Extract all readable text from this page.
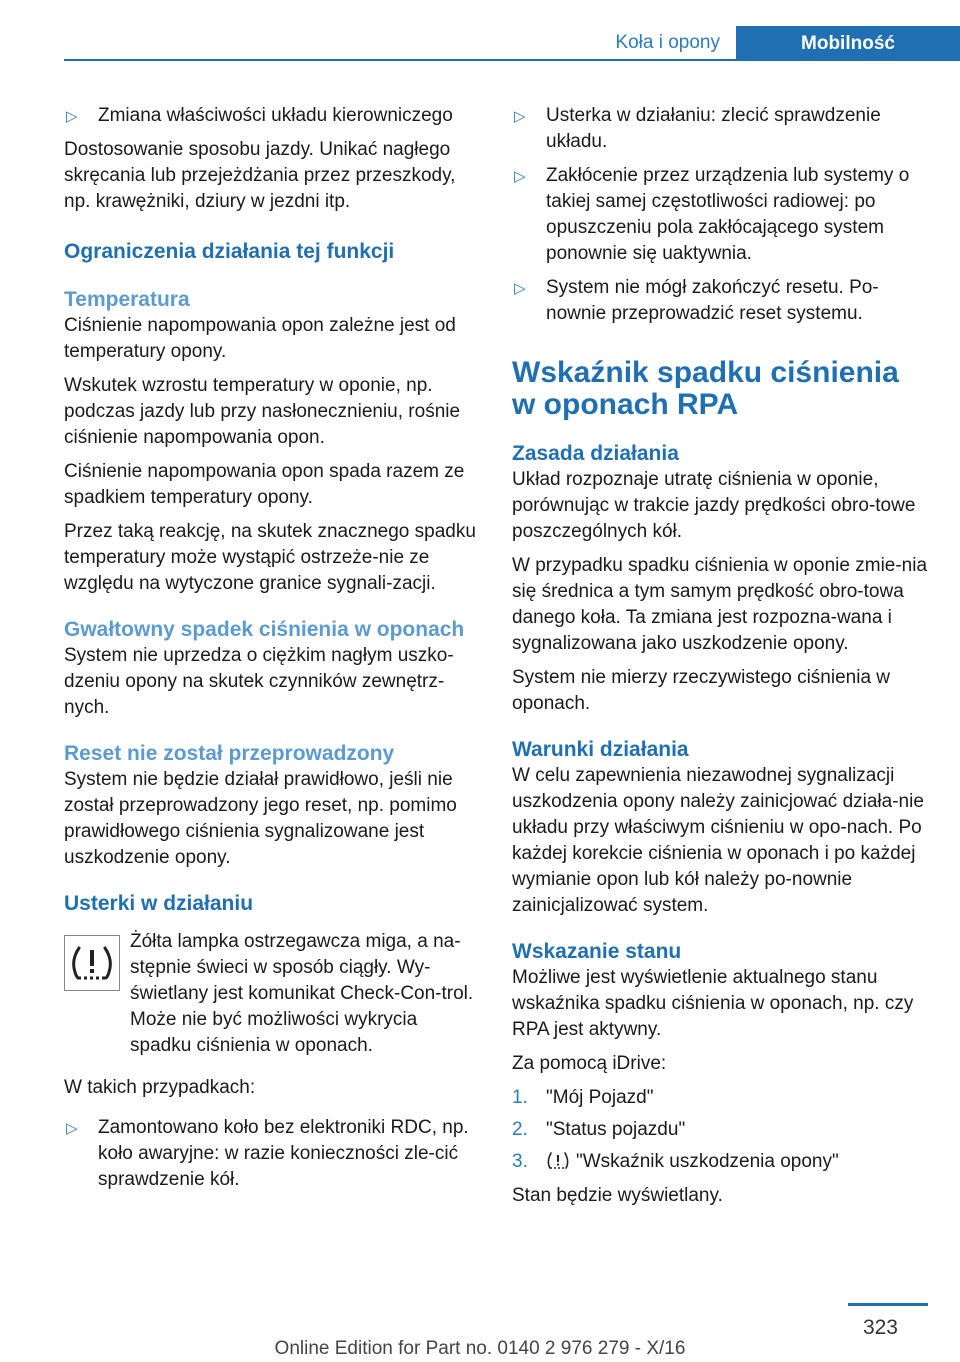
Koła i opony	Mobilność
▷ Zmiana właściwości układu kierowniczego

Dostosowanie sposobu jazdy. Unikać nagłego skręcania lub przejeżdżania przez przeszkody, np. krawężniki, dziury w jezdni itp.

Ograniczenia działania tej funkcji
Temperatura

Ciśnienie napompowania opon zależne jest od temperatury opony.

Wskutek wzrostu temperatury w oponie, np. podczas jazdy lub przy nasłonecznieniu, rośnie ciśnienie napompowania opon.

Ciśnienie napompowania opon spada razem ze spadkiem temperatury opony.

Przez taką reakcję, na skutek znacznego spadku temperatury może wystąpić ostrzeże-nie ze względu na wytyczone granice sygnali-zacji.

Gwałtowny spadek ciśnienia w oponach

System nie uprzedza o ciężkim nagłym uszko-dzeniu opony na skutek czynników zewnętrz-nych.

Reset nie został przeprowadzony

System nie będzie działał prawidłowo, jeśli nie został przeprowadzony jego reset, np. pomimo prawidłowego ciśnienia sygnalizowane jest uszkodzenie opony.

Usterki w działaniu

Żółta lampka ostrzegawcza miga, a na-stępnie świeci w sposób ciągły. Wy-świetlany jest komunikat Check-Con-trol. Może nie być możliwości wykrycia spadku ciśnienia w oponach.

W takich przypadkach:

▷ Zamontowano koło bez elektroniki RDC, np. koło awaryjne: w razie konieczności zle-cić sprawdzenie kół.
▷ Usterka w działaniu: zlecić sprawdzenie układu.
▷ Zakłócenie przez urządzenia lub systemy o takiej samej częstotliwości radiowej: po opuszczeniu pola zakłócającego system ponownie się uaktywnia.
▷ System nie mógł zakończyć resetu. Po-nownie przeprowadzić reset systemu.
Wskaźnik spadku ciśnienia w oponach RPA
Zasada działania

Układ rozpoznaje utratę ciśnienia w oponie, porównując w trakcie jazdy prędkości obro-towe poszczególnych kół.

W przypadku spadku ciśnienia w oponie zmie-nia się średnica a tym samym prędkość obro-towa danego koła. Ta zmiana jest rozpozna-wana i sygnalizowana jako uszkodzenie opony.

System nie mierzy rzeczywistego ciśnienia w oponach.

Warunki działania

W celu zapewnienia niezawodnej sygnalizacji uszkodzenia opony należy zainicjować działa-nie układu przy właściwym ciśnieniu w opo-nach. Po każdej korekcie ciśnienia w oponach i po każdej wymianie opon lub kół należy po-nownie zainicjalizować system.

Wskazanie stanu

Możliwe jest wyświetlenie aktualnego stanu wskaźnika spadku ciśnienia w oponach, np. czy RPA jest aktywny.

Za pomocą iDrive:

1. "Mój Pojazd"
2. "Status pojazdu"
3.	"Wskaźnik uszkodzenia opony"

Stan będzie wyświetlany.

323
Online Edition for Part no. 0140 2 976 279 - X/16
